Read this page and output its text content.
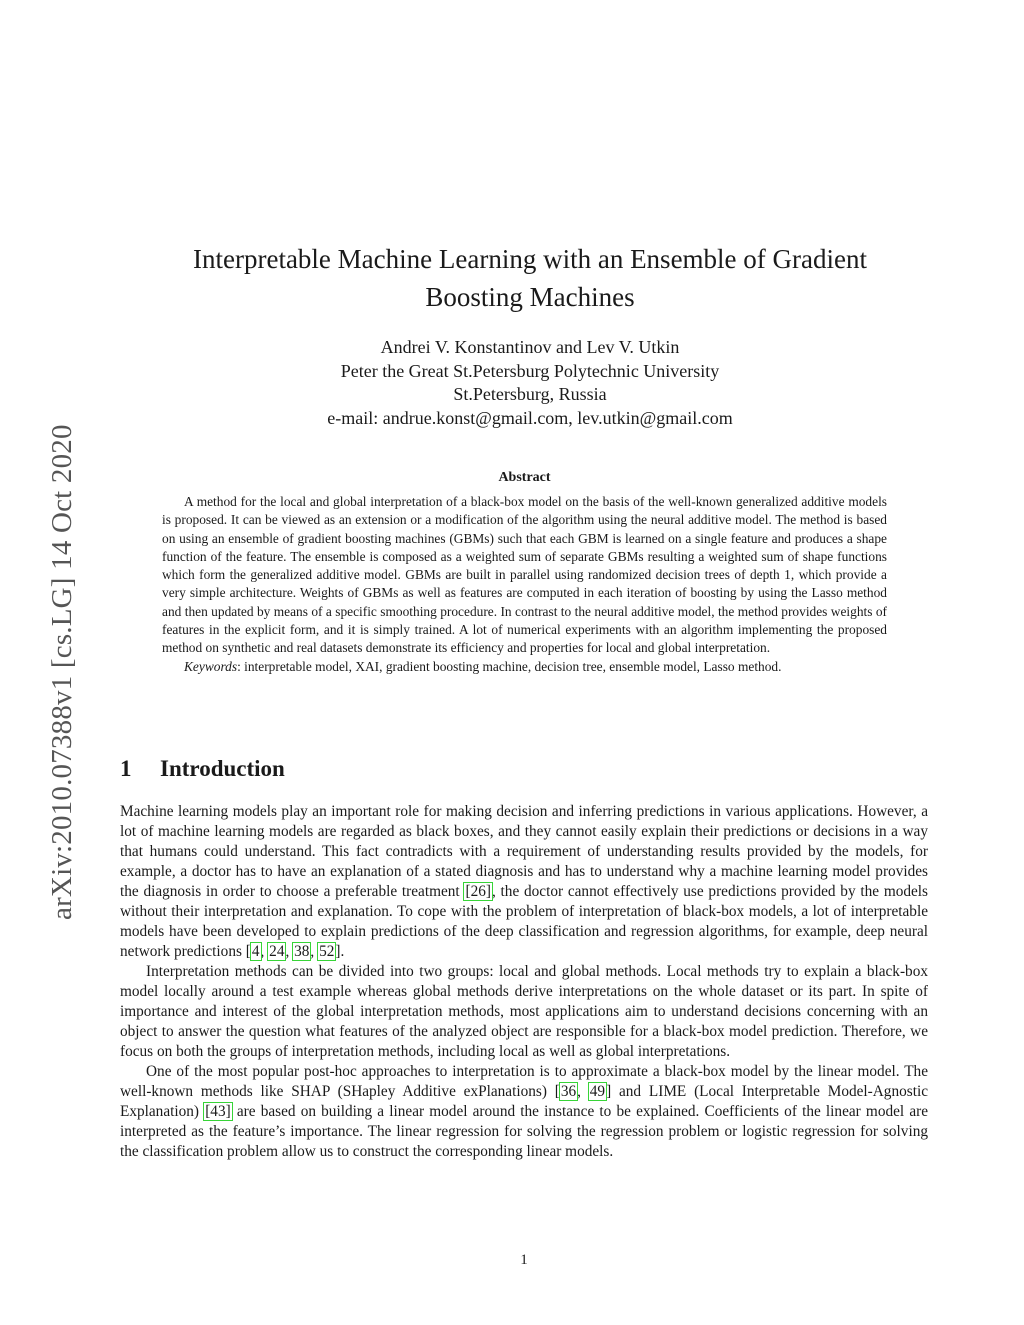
arXiv:2010.07388v1 [cs.LG] 14 Oct 2020
Interpretable Machine Learning with an Ensemble of Gradient
Boosting Machines
Andrei V. Konstantinov and Lev V. Utkin
Peter the Great St.Petersburg Polytechnic University
St.Petersburg, Russia
e-mail: andrue.konst@gmail.com, lev.utkin@gmail.com
Abstract

A method for the local and global interpretation of a black-box model on the basis of the well-known generalized additive models is proposed. It can be viewed as an extension or a modification of the algorithm using the neural additive model. The method is based on using an ensemble of gradient boosting machines (GBMs) such that each GBM is learned on a single feature and produces a shape function of the feature. The ensemble is composed as a weighted sum of separate GBMs resulting a weighted sum of shape functions which form the generalized additive model. GBMs are built in parallel using randomized decision trees of depth 1, which provide a very simple architecture. Weights of GBMs as well as features are computed in each iteration of boosting by using the Lasso method and then updated by means of a specific smoothing procedure. In contrast to the neural additive model, the method provides weights of features in the explicit form, and it is simply trained. A lot of numerical experiments with an algorithm implementing the proposed method on synthetic and real datasets demonstrate its efficiency and properties for local and global interpretation.

Keywords: interpretable model, XAI, gradient boosting machine, decision tree, ensemble model, Lasso method.

1 Introduction

Machine learning models play an important role for making decision and inferring predictions in various applications. However, a lot of machine learning models are regarded as black boxes, and they cannot easily explain their predictions or decisions in a way that humans could understand. This fact contradicts with a requirement of understanding results provided by the models, for example, a doctor has to have an explanation of a stated diagnosis and has to understand why a machine learning model provides the diagnosis in order to choose a preferable treatment [26], the doctor cannot effectively use predictions provided by the models without their interpretation and explanation. To cope with the problem of interpretation of black-box models, a lot of interpretable models have been developed to explain predictions of the deep classification and regression algorithms, for example, deep neural network predictions [4, 24, 38, 52].

Interpretation methods can be divided into two groups: local and global methods. Local methods try to explain a black-box model locally around a test example whereas global methods derive interpretations on the whole dataset or its part. In spite of importance and interest of the global interpretation methods, most applications aim to understand decisions concerning with an object to answer the question what features of the analyzed object are responsible for a black-box model prediction. Therefore, we focus on both the groups of interpretation methods, including local as well as global interpretations.

One of the most popular post-hoc approaches to interpretation is to approximate a black-box model by the linear model. The well-known methods like SHAP (SHapley Additive exPlanations) [36, 49] and LIME (Local Interpretable Model-Agnostic Explanation) [43] are based on building a linear model around the instance to be explained. Coefficients of the linear model are interpreted as the feature’s importance. The linear regression for solving the regression problem or logistic regression for solving the classification problem allow us to construct the corresponding linear models.

1
